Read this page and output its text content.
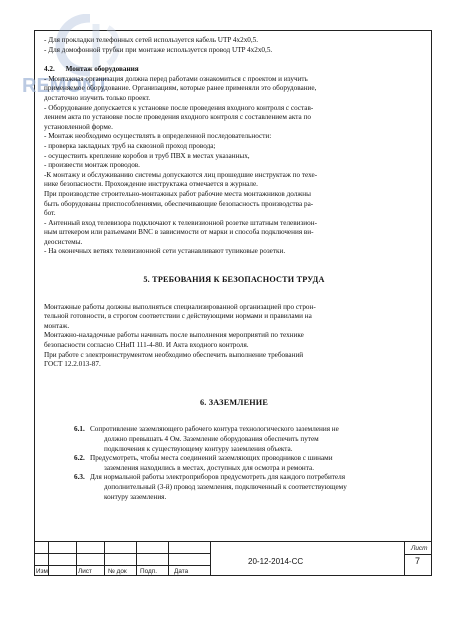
REMONT

- Для прокладки телефонных сетей используется кабель UTP 4х2х0,5.

- Для домофонной трубки при монтаже используется провод UTP 4х2х0,5.

4.2. Монтаж оборудования

- Монтажная организация должна перед работами ознакомиться с проектом и изучить

применяемое оборудование. Организациям, которые ранее применяли это оборудование,

достаточно изучить только проект.

- Оборудование допускается к установке после проведения входного контроля с состав-

лением акта по установке после проведения входного контроля с составлением акта по

установленной форме.

- Монтаж необходимо осуществлять в определенной последовательности:

- проверка закладных труб на сквозной проход провода;

- осуществить крепление коробов и труб ПВХ в местах указанных,

- произвести монтаж проводов.

-К монтажу и обслуживанию системы допускаются лиц прошедшие инструктаж по техе-

нике безопасности. Прохождение инструктажа отмечается в журнале.

При производстве строительно-монтажных работ рабочие места монтажников должны

быть оборудованы приспособлениями, обеспечивающие безопасность производства ра-

бот.

- Антенный вход телевизора подключают к телевизионной розетке штатным телевизион-

ным штекером или разъемами BNC в зависимости от марки и способа подключения ви-

деосистемы.

- На оконечных ветвях телевизионной сети устанавливают тупиковые розетки.

5. ТРЕБОВАНИЯ К БЕЗОПАСНОСТИ ТРУДА

Монтажные работы должны выполняться специализированной организацией про строн-

тельной готовности, в строгом соответствии с действующими нормами и правилами на

монтаж.

Монтажно-наладочные работы начинать после выполнения мероприятий по технике

безопасности согласно СНиП 111-4-80. И Акта входного контроля.

При работе с электроинструментом необходимо обеспечить выполнение требований

ГОСТ 12.2.013-87.

6. ЗАЗЕМЛЕНИЕ

6.1. Сопротивление заземляющего рабочего контура технологического заземления не

должно превышать 4 Ом. Заземление оборудования обеспечить путем

подключения к существующему контуру заземления объекта.

6.2. Предусмотреть, чтобы места соединений заземляющих проводников с шинами

заземления находились в местах, доступных для осмотра и ремонта.

6.3. Для нормальной работы электроприборов предусмотреть для каждого потребителя

дополнительный (3-й) провод заземления, подключенный к соответствующему

контуру заземления.

Изм	Лист	№ док Подп.	Дата
20-12-2014-СС
Лист
7
